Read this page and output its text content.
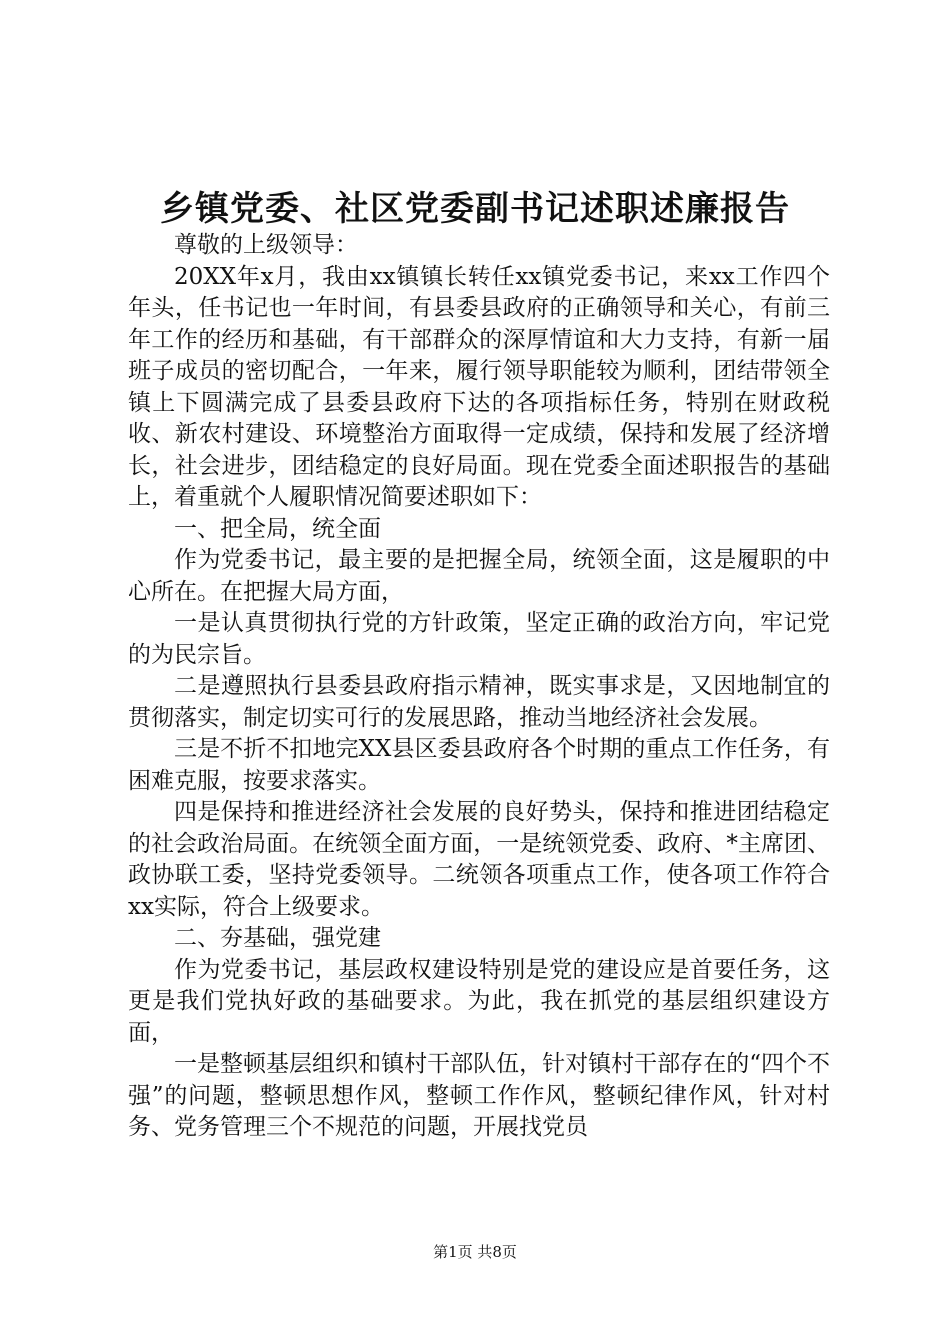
乡镇党委、社区党委副书记述职述廉报告

尊敬的上级领导：

20XX年x月，我由xx镇镇长转任xx镇党委书记，来xx工作四个年头，任书记也一年时间，有县委县政府的正确领导和关心，有前三年工作的经历和基础，有干部群众的深厚情谊和大力支持，有新一届班子成员的密切配合，一年来，履行领导职能较为顺利，团结带领全镇上下圆满完成了县委县政府下达的各项指标任务，特别在财政税收、新农村建设、环境整治方面取得一定成绩，保持和发展了经济增长，社会进步，团结稳定的良好局面。现在党委全面述职报告的基础上，着重就个人履职情况简要述职如下：

一、把全局，统全面

作为党委书记，最主要的是把握全局，统领全面，这是履职的中心所在。在把握大局方面，

一是认真贯彻执行党的方针政策，坚定正确的政治方向，牢记党的为民宗旨。

二是遵照执行县委县政府指示精神，既实事求是，又因地制宜的贯彻落实，制定切实可行的发展思路，推动当地经济社会发展。

三是不折不扣地完XX县区委县政府各个时期的重点工作任务，有困难克服，按要求落实。

四是保持和推进经济社会发展的良好势头，保持和推进团结稳定的社会政治局面。在统领全面方面，一是统领党委、政府、*主席团、政协联工委，坚持党委领导。二统领各项重点工作，使各项工作符合xx实际，符合上级要求。

二、夯基础，强党建

作为党委书记，基层政权建设特别是党的建设应是首要任务，这更是我们党执好政的基础要求。为此，我在抓党的基层组织建设方面，

一是整顿基层组织和镇村干部队伍，针对镇村干部存在的“四个不强”的问题，整顿思想作风，整顿工作作风，整顿纪律作风，针对村务、党务管理三个不规范的问题，开展找党员

第1页 共8页
